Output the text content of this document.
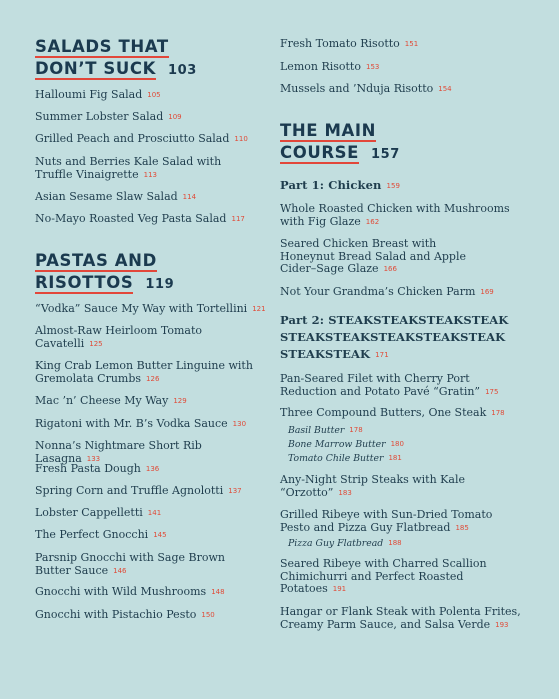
SALADS THAT
DON’T SUCK 103
Halloumi Fig Salad 105
Summer Lobster Salad 109
Grilled Peach and Prosciutto Salad 110
Nuts and Berries Kale Salad with
Truffle Vinaigrette 113
Asian Sesame Slaw Salad 114
No-Mayo Roasted Veg Pasta Salad 117
PASTAS AND
RISOTTOS 119
“Vodka” Sauce My Way with Tortellini 121
Almost-Raw Heirloom Tomato
Cavatelli 125
King Crab Lemon Butter Linguine with
Gremolata Crumbs 126
Mac ’n’ Cheese My Way 129
Rigatoni with Mr. B’s Vodka Sauce 130
Nonna’s Nightmare Short Rib Lasagna 133
Fresh Pasta Dough 136
Spring Corn and Truffle Agnolotti 137
Lobster Cappelletti 141
The Perfect Gnocchi 145
Parsnip Gnocchi with Sage Brown
Butter Sauce 146
Gnocchi with Wild Mushrooms 148
Gnocchi with Pistachio Pesto 150
Fresh Tomato Risotto 151
Lemon Risotto 153
Mussels and ’Nduja Risotto 154
THE MAIN
COURSE 157
Part 1: Chicken 159
Whole Roasted Chicken with Mushrooms
with Fig Glaze 162
Seared Chicken Breast with
Honeynut Bread Salad and Apple
Cider–Sage Glaze 166
Not Your Grandma’s Chicken Parm 169
Part 2: STEAKSTEAKSTEAKSTEAK
STEAKSTEAKSTEAKSTEAKSTEAK
STEAKSTEAK 171
Pan-Seared Filet with Cherry Port
Reduction and Potato Pavé “Gratin” 175
Three Compound Butters, One Steak 178
Basil Butter 178
Bone Marrow Butter 180
Tomato Chile Butter 181
Any-Night Strip Steaks with Kale
“Orzotto” 183
Grilled Ribeye with Sun-Dried Tomato
Pesto and Pizza Guy Flatbread 185
Pizza Guy Flatbread 188
Seared Ribeye with Charred Scallion
Chimichurri and Perfect Roasted
Potatoes 191
Hangar or Flank Steak with Polenta Frites,
Creamy Parm Sauce, and Salsa Verde 193
